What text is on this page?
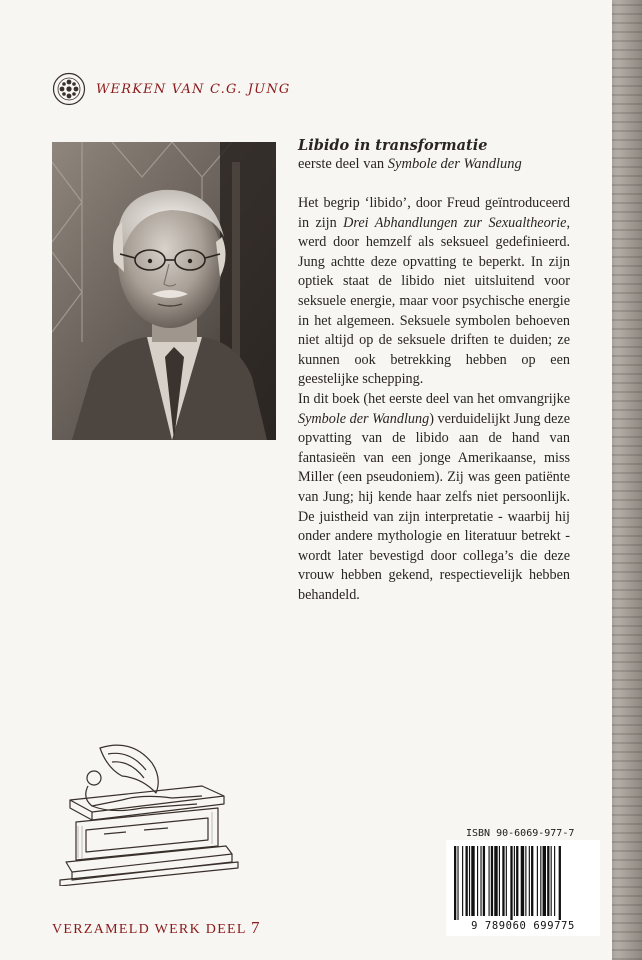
WERKEN VAN C.G. JUNG

Libido in transformatie

eerste deel van Symbole der Wandlung

Het begrip ‘libido’, door Freud geïntroduceerd in zijn Drei Abhandlungen zur Sexualtheorie, werd door hemzelf als seksueel gedefinieerd. Jung achtte deze opvatting te beperkt. In zijn optiek staat de libido niet uitsluitend voor seksuele energie, maar voor psychische energie in het algemeen. Seksuele symbolen behoeven niet altijd op de seksuele driften te duiden; ze kunnen ook betrekking hebben op een geestelijke schepping.

In dit boek (het eerste deel van het omvangrijke Symbole der Wandlung) verduidelijkt Jung deze opvatting van de libido aan de hand van fantasieën van een jonge Amerikaanse, miss Miller (een pseudoniem). Zij was geen patiënte van Jung; hij kende haar zelfs niet persoonlijk. De juistheid van zijn interpretatie - waarbij hij onder andere mythologie en literatuur betrekt - wordt later bevestigd door collega’s die deze vrouw hebben gekend, respectievelijk hebben behandeld.

VERZAMELD WERK DEEL 7
ISBN 90-6069-977-7
9 789060 699775
